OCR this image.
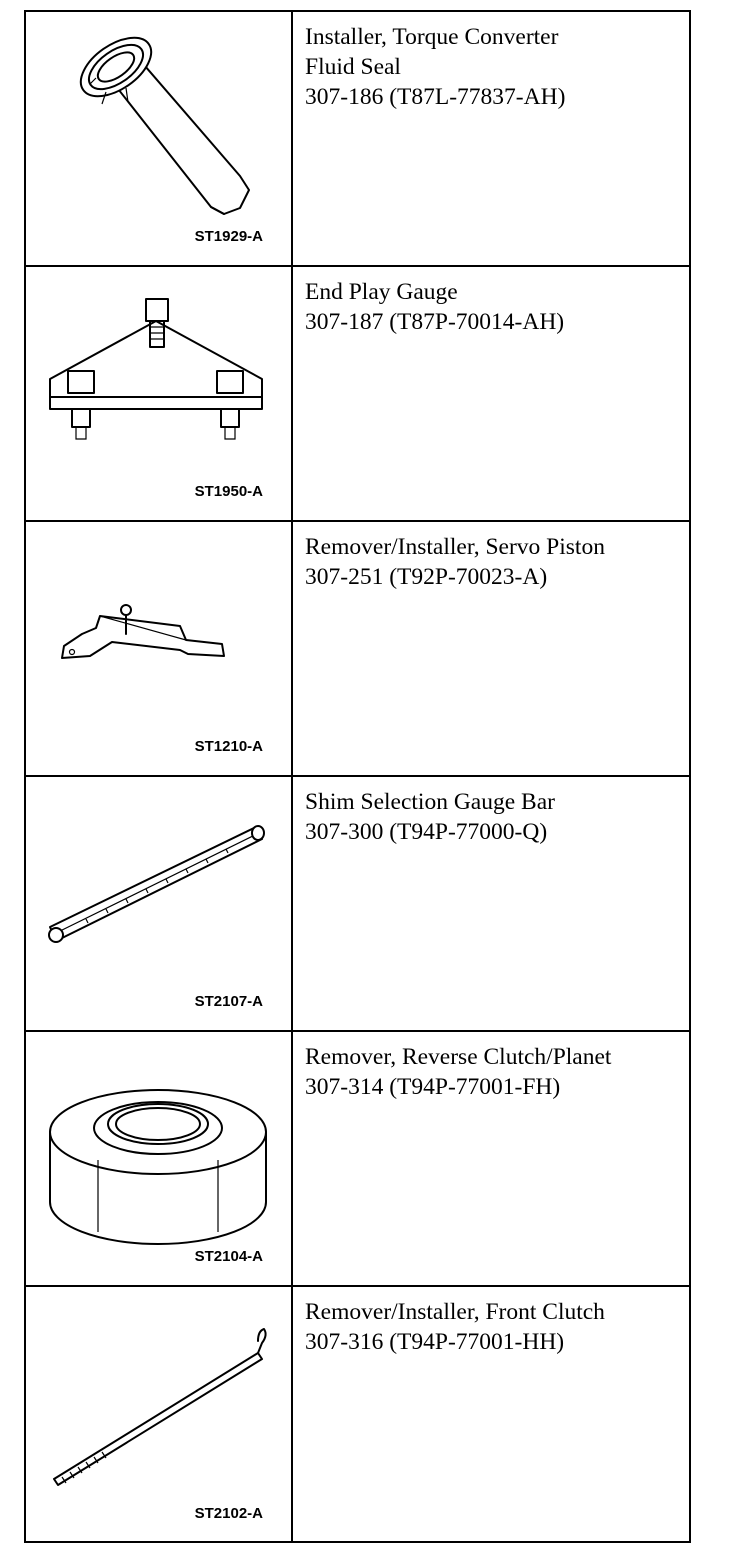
ST1929-A
Installer, Torque Converter
Fluid Seal
307-186 (T87L-77837-AH)
ST1950-A
End Play Gauge
307-187 (T87P-70014-AH)
ST1210-A
Remover/Installer, Servo Piston
307-251 (T92P-70023-A)
ST2107-A
Shim Selection Gauge Bar
307-300 (T94P-77000-Q)
ST2104-A
Remover, Reverse Clutch/Planet
307-314 (T94P-77001-FH)
ST2102-A
Remover/Installer, Front Clutch
307-316 (T94P-77001-HH)
